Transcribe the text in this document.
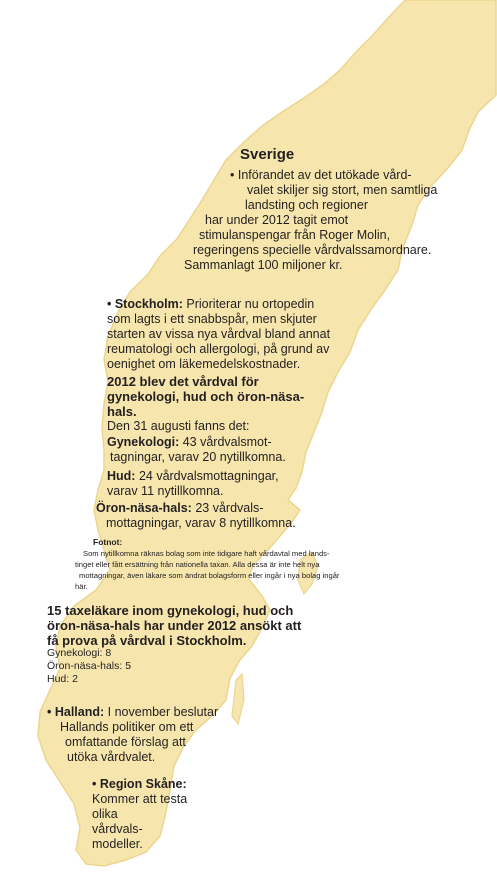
Sverige
• Införandet av det utökade vård-
valet skiljer sig stort, men samtliga
landsting och regioner
har under 2012 tagit emot
stimulanspengar från Roger Molin,
regeringens specielle vårdvalssamordnare.
Sammanlagt 100 miljoner kr.
• Stockholm: Prioriterar nu ortopedin
som lagts i ett snabbspår, men skjuter
starten av vissa nya vårdval bland annat
reumatologi och allergologi, på grund av
oenighet om läkemedelskostnader.
2012 blev det vårdval för
gynekologi, hud och öron-näsa-
hals.
Den 31 augusti fanns det:
Gynekologi: 43 vårdvalsmot-
tagningar, varav 20 nytillkomna.
Hud: 24 vårdvalsmottagningar,
varav 11 nytillkomna.
Öron-näsa-hals: 23 vårdvals-
mottagningar, varav 8 nytillkomna.
Fotnot:
Som nytillkomna räknas bolag som inte tidigare haft vårdavtal med lands-
tinget eller fått ersättning från nationella taxan. Alla dessa är inte helt nya
mottagningar, även läkare som ändrat bolagsform eller ingår i nya bolag ingår
här.
15 taxeläkare inom gynekologi, hud och
öron-näsa-hals har under 2012 ansökt att
få prova på vårdval i Stockholm.
Gynekologi: 8
Öron-näsa-hals: 5
Hud: 2
• Halland: I november beslutar
Hallands politiker om ett
omfattande förslag att
utöka vårdvalet.
• Region Skåne:
Kommer att testa
olika
vårdvals-
modeller.
